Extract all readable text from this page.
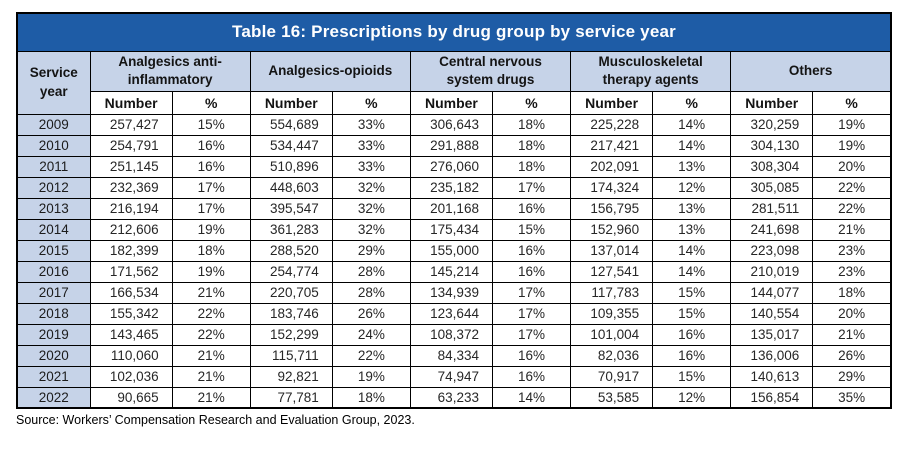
Table 16: Prescriptions by drug group by service year										
Service year	Analgesics anti-inflammatory		Analgesics-opioids		Central nervous system drugs		Musculoskeletal therapy agents		Others	
	Number	%	Number	%	Number	%	Number	%	Number	%
2009	257,427	15%	554,689	33%	306,643	18%	225,228	14%	320,259	19%
2010	254,791	16%	534,447	33%	291,888	18%	217,421	14%	304,130	19%
2011	251,145	16%	510,896	33%	276,060	18%	202,091	13%	308,304	20%
2012	232,369	17%	448,603	32%	235,182	17%	174,324	12%	305,085	22%
2013	216,194	17%	395,547	32%	201,168	16%	156,795	13%	281,511	22%
2014	212,606	19%	361,283	32%	175,434	15%	152,960	13%	241,698	21%
2015	182,399	18%	288,520	29%	155,000	16%	137,014	14%	223,098	23%
2016	171,562	19%	254,774	28%	145,214	16%	127,541	14%	210,019	23%
2017	166,534	21%	220,705	28%	134,939	17%	117,783	15%	144,077	18%
2018	155,342	22%	183,746	26%	123,644	17%	109,355	15%	140,554	20%
2019	143,465	22%	152,299	24%	108,372	17%	101,004	16%	135,017	21%
2020	110,060	21%	115,711	22%	84,334	16%	82,036	16%	136,006	26%
2021	102,036	21%	92,821	19%	74,947	16%	70,917	15%	140,613	29%
2022	90,665	21%	77,781	18%	63,233	14%	53,585	12%	156,854	35%

Source: Workers’ Compensation Research and Evaluation Group, 2023.
